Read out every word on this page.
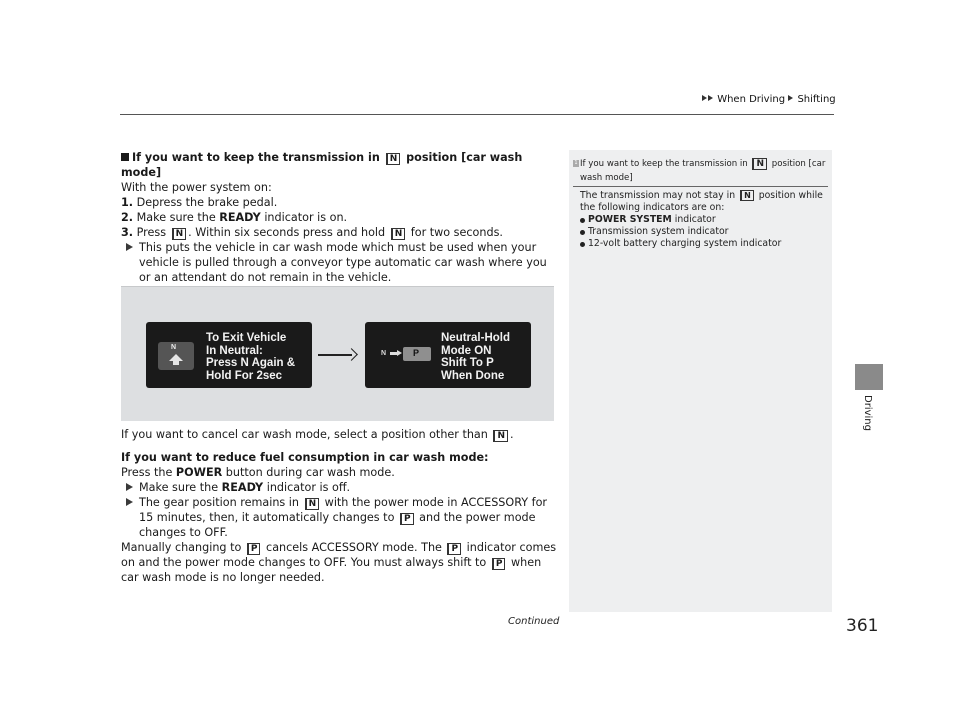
When Driving Shifting
Driving

If you want to keep the transmission in N position [car wash mode]

With the power system on:

1. Depress the brake pedal.

2. Make sure the READY indicator is on.

3. Press N . Within six seconds press and hold N for two seconds.

This puts the vehicle in car wash mode which must be used when your vehicle is pulled through a conveyor type automatic car wash where you or an attendant do not remain in the vehicle.

N
To Exit Vehicle
In Neutral:
Press N Again &
Hold For 2sec
N	P
Neutral-Hold
Mode ON
Shift To P
When Done

If you want to cancel car wash mode, select a position other than N .

If you want to reduce fuel consumption in car wash mode:

Press the POWER button during car wash mode.

Make sure the READY indicator is off.

The gear position remains in N with the power mode in ACCESSORY for 15 minutes, then, it automatically changes to P and the power mode changes to OFF.

Manually changing to P cancels ACCESSORY mode. The P indicator comes on and the power mode changes to OFF. You must always shift to P when car wash mode is no longer needed.

1 If you want to keep the transmission in N position [car wash mode]
The transmission may not stay in N position while the following indicators are on:
POWER SYSTEM indicator
Transmission system indicator
12-volt battery charging system indicator
Continued	361
